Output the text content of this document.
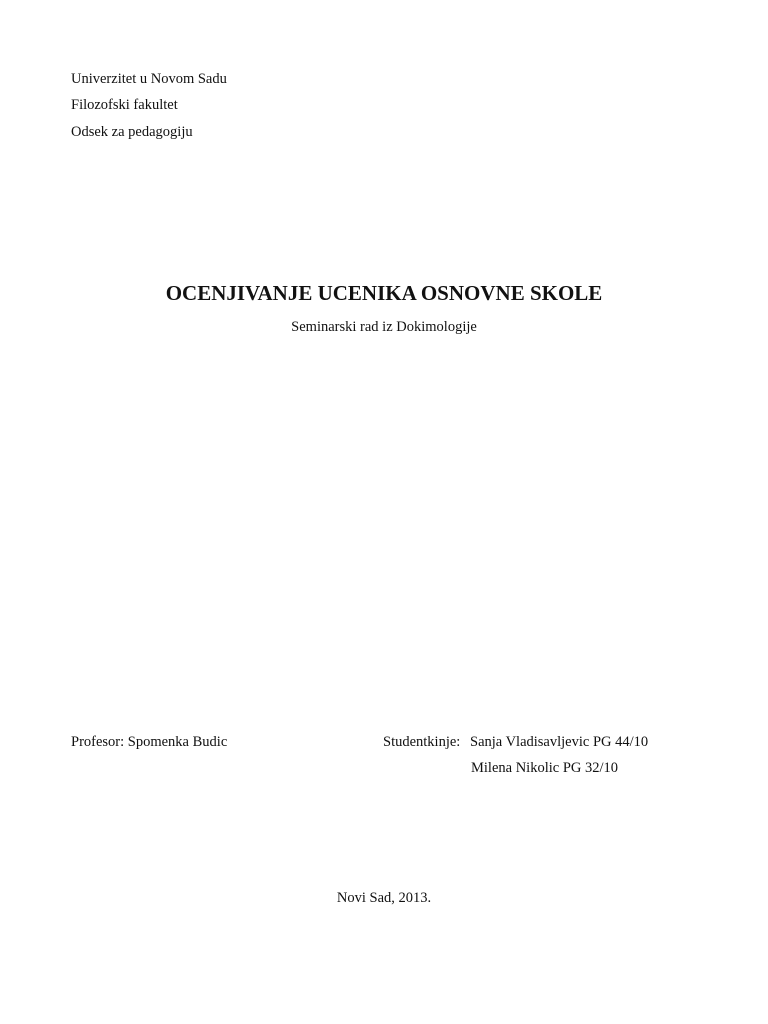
Univerzitet u Novom Sadu
Filozofski fakultet
Odsek za pedagogiju
OCENJIVANJE UCENIKA OSNOVNE SKOLE
Seminarski rad iz Dokimologije
Profesor: Spomenka Budic	Studentkinje: Sanja Vladisavljevic PG 44/10
Milena Nikolic PG 32/10
Novi Sad, 2013.
